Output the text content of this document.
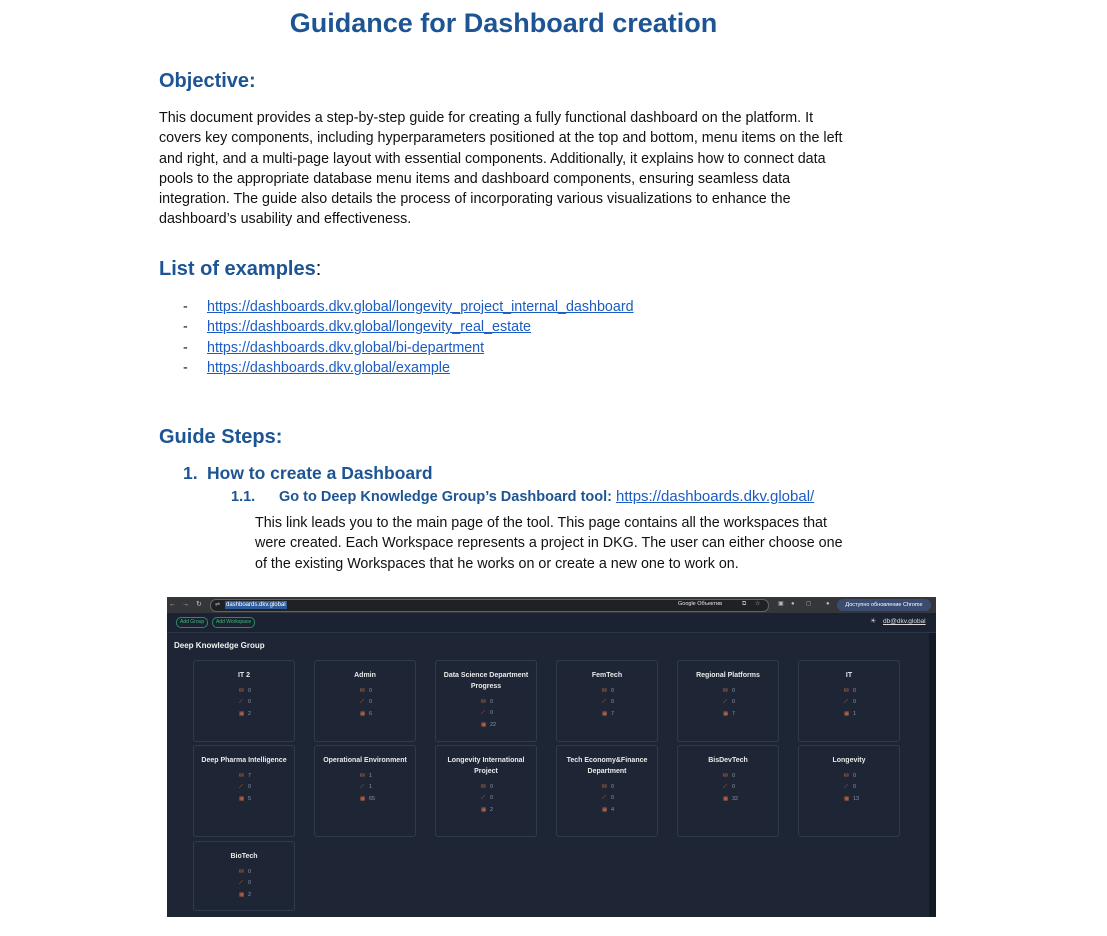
Guidance for Dashboard creation
Objective:

This document provides a step-by-step guide for creating a fully functional dashboard on the platform. It covers key components, including hyperparameters positioned at the top and bottom, menu items on the left and right, and a multi-page layout with essential components. Additionally, it explains how to connect data pools to the appropriate database menu items and dashboard components, ensuring seamless data integration. The guide also details the process of incorporating various visualizations to enhance the dashboard’s usability and effectiveness.

List of examples:
- https://dashboards.dkv.global/longevity_project_internal_dashboard
- https://dashboards.dkv.global/longevity_real_estate
- https://dashboards.dkv.global/bi-department
- https://dashboards.dkv.global/example
Guide Steps:
1. How to create a Dashboard
1.1. Go to Deep Knowledge Group’s Dashboard tool: https://dashboards.dkv.global/

This link leads you to the main page of the tool. This page contains all the workspaces that were created. Each Workspace represents a project in DKG. The user can either choose one of the existing Workspaces that he works on or create a new one to work on.

← → ↻ ⇌ dashboards.dkv.global	Google Объектив	⧉ ☆	▣ ● ◻	●	Доступно обновление Chrome
Add Group	Add Workspace	☀ db@dkv.global
Deep Knowledge Group
IT 2
⛁ 0
⟋ 0
▦ 2
Admin
⛁ 0
⟋ 0
▦ 6
Data Science Department Progress
⛁ 0
⟋ 0
▦ 22
FemTech
⛁ 0
⟋ 0
▦ 7
Regional Platforms
⛁ 0
⟋ 0
▦ 7
IT
⛁ 0
⟋ 0
▦ 1
Deep Pharma Intelligence
⛁ 7
⟋ 0
▦ 5
Operational Environment
⛁ 1
⟋ 1
▦ 65
Longevity International Project
⛁ 0
⟋ 0
▦ 2
Tech Economy&Finance Department
⛁ 0
⟋ 0
▦ 4
BisDevTech
⛁ 0
⟋ 0
▦ 32
Longevity
⛁ 0
⟋ 0
▦ 13
BioTech
⛁ 0
⟋ 0
▦ 2
